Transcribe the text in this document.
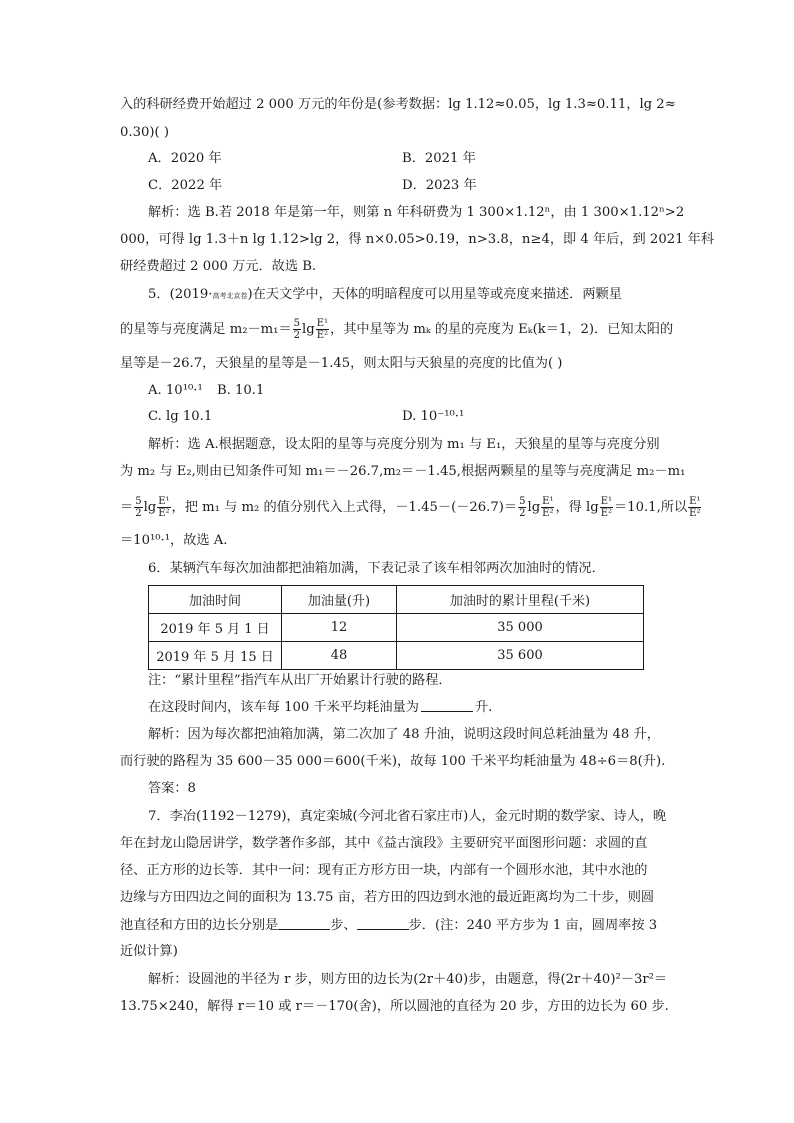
入的科研经费开始超过 2 000 万元的年份是(参考数据：lg 1.12≈0.05，lg 1.3≈0.11，lg 2≈
0.30)( )
A．2020 年	B．2021 年
C．2022 年	D．2023 年
解析：选 B.若 2018 年是第一年，则第 n 年科研费为 1 300×1.12ⁿ，由 1 300×1.12ⁿ>2
000，可得 lg 1.3＋n lg 1.12>lg 2，得 n×0.05>0.19，n>3.8，n≥4，即 4 年后，到 2021 年科
研经费超过 2 000 万元．故选 B.
5．(2019·高考北京卷)在天文学中，天体的明暗程度可以用星等或亮度来描述．两颗星
的星等与亮度满足 $m_2-m_1= \frac{5}{2}$ $\lg \frac{\text{E¹}}{\text{E²}}$ ，其中星等为 mₖ 的星的亮度为 Eₖ(k＝1，2)．已知太阳的
星等是－26.7，天狼星的星等是－1.45，则太阳与天狼星的亮度的比值为( )
A. 10¹⁰·¹ B. 10.1
C. lg 10.1	D. 10⁻¹⁰·¹
解析：选 A.根据题意，设太阳的星等与亮度分别为 m₁ 与 E₁，天狼星的星等与亮度分别
为 m₂ 与 E₂,则由已知条件可知 m₁＝－26.7,m₂＝－1.45,根据两颗星的星等与亮度满足 m₂－m₁
＝ $\frac{5}{2}$ $\lg \frac{\text{E¹}}{\text{E²}}$ ，把 m₁ 与 m₂ 的值分别代入上式得，$-1.45-(-26.7)= \frac{5}{2}$ $\lg \frac{\text{E¹}}{\text{E²}}$ ，得 $\lg \frac{\text{E¹}}{\text{E²}} =10.1$,所以 $\frac{\text{E¹}}{\text{E²}}$
＝10¹⁰·¹，故选 A.
6．某辆汽车每次加油都把油箱加满，下表记录了该车相邻两次加油时的情况．
加油时间	加油量(升)	加油时的累计里程(千米)
2019 年 5 月 1 日	12	35 000
2019 年 5 月 15 日	48	35 600
注：“累计里程”指汽车从出厂开始累计行驶的路程．
在这段时间内，该车每 100 千米平均耗油量为	升.
解析：因为每次都把油箱加满，第二次加了 48 升油，说明这段时间总耗油量为 48 升，
而行驶的路程为 35 600－35 000＝600(千米)，故每 100 千米平均耗油量为 48÷6＝8(升).
答案：8
7．李冶(1192－1279)，真定栾城(今河北省石家庄市)人，金元时期的数学家、诗人，晚
年在封龙山隐居讲学，数学著作多部，其中《益古演段》主要研究平面图形问题：求圆的直
径、正方形的边长等．其中一问：现有正方形方田一块，内部有一个圆形水池，其中水池的
边缘与方田四边之间的面积为 13.75 亩，若方田的四边到水池的最近距离均为二十步，则圆
池直径和方田的边长分别是	步、	步．(注：240 平方步为 1 亩，圆周率按 3
近似计算)
解析：设圆池的半径为 r 步，则方田的边长为(2r＋40)步，由题意，得(2r＋40)²－3r²＝
13.75×240，解得 r＝10 或 r＝－170(舍)，所以圆池的直径为 20 步，方田的边长为 60 步.
